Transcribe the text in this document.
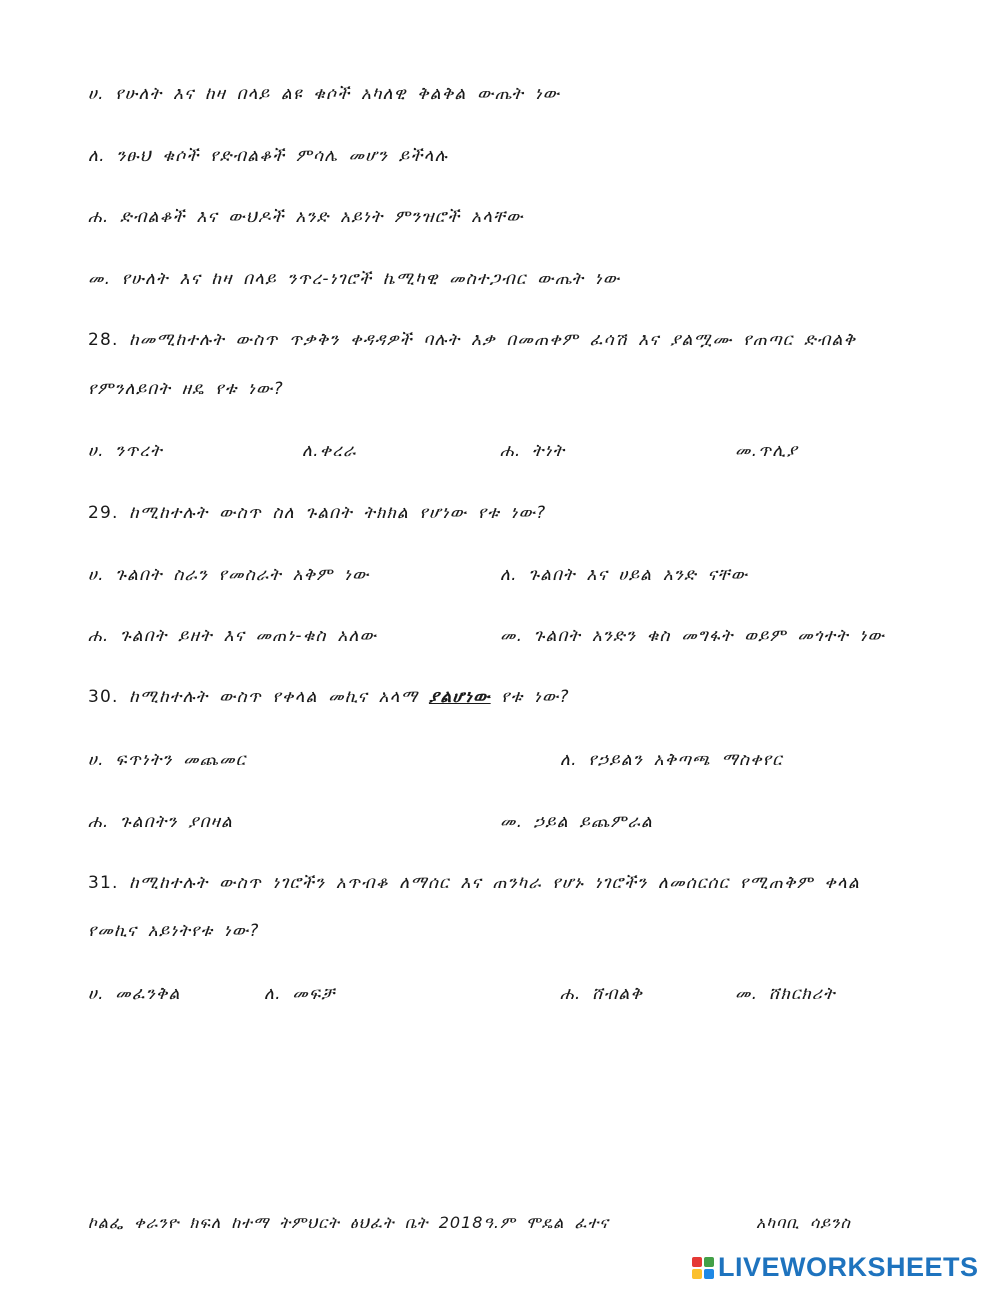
ሀ. የሁለት እና ከዛ በላይ ልዩ ቁሶች አካለዊ ቅልቅል ውጤት ነው
ለ. ንፁህ ቁሶች የድብልቆች ምሳሌ መሆን ይችላሉ
ሐ. ድብልቆች እና ውህዶች አንድ አይነት ምንዝሮች አላቸው
መ. የሁለት እና ከዛ በላይ ንጥረ-ነገሮች ኬሚካዊ መስተጋብር ውጤት ነው
28. ከመሚከተሉት ውስጥ ጥቃቅን ቀዳዳዎች ባሉት እቃ በመጠቀም ፈሳሽ እና ያልሟሙ የጠጣር ድብልቅ
የምንለይበት ዘዴ የቱ ነው?
ሀ. ንጥረት	ለ.ቀረራ	ሐ. ትነት	መ.ጥሊያ
29. ከሚከተሉት ውስጥ ስለ ጉልበት ትክክል የሆነው የቱ ነው?
ሀ. ጉልበት ስራን የመስራት አቅም ነው	ለ. ጉልበት እና ሀይል አንድ ናቸው
ሐ. ጉልበት ይዘት እና መጠነ-ቁስ አለው	መ. ጉልበት አንድን ቁስ መግፋት ወይም መጎተት ነው
30. ከሚከተሉት ውስጥ የቀላል መኪና አላማ ያልሆነው የቱ ነው?
ሀ. ፍጥነትን መጨመር	ለ. የኃይልን አቅጣጫ ማስቀየር
ሐ. ጉልበትን ያበዛል	መ. ኃይል ይጨምራል
31. ከሚከተሉት ውስጥ ነገሮችን አጥብቆ ለማሰር እና ጠንካራ የሆኑ ነገሮችን ለመሰርሰር የሚጠቅም ቀላል
የመኪና አይነትየቱ ነው?
ሀ. መፈንቅል	ለ. መፍቻ	ሐ. ሸብልቅ	መ. ሸክርክሪት
ኮልፌ ቀራንዮ ክፍለ ከተማ ትምህርት ፅህፈት ቤት 2018ዓ.ም ሞዴል ፈተና	አካባቢ ሳይንስ
LIVEWORKSHEETS
